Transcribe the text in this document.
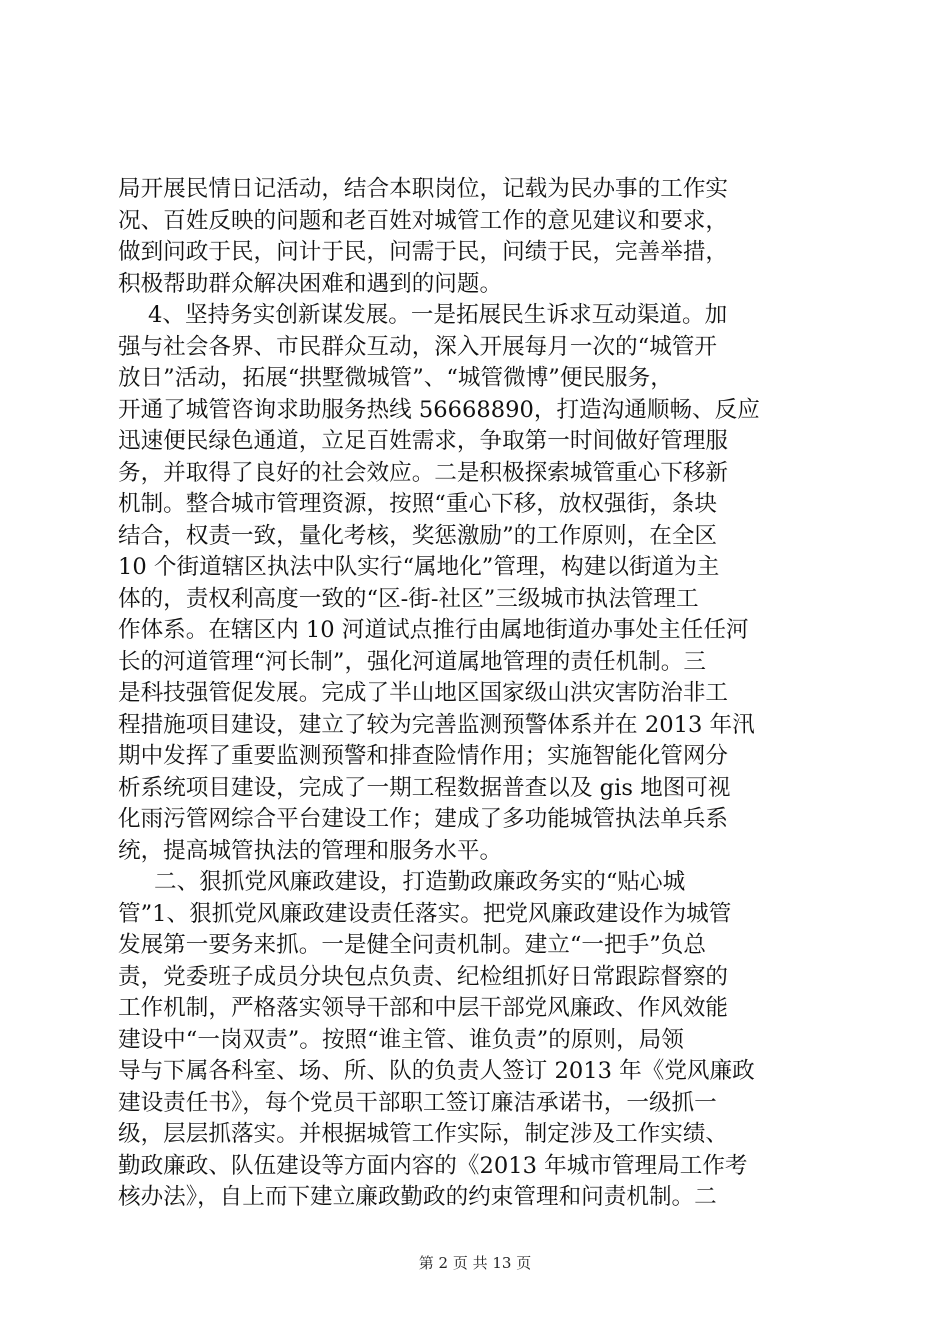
局开展民情日记活动，结合本职岗位，记载为民办事的工作实
况、百姓反映的问题和老百姓对城管工作的意见建议和要求，
做到问政于民，问计于民，问需于民，问绩于民，完善举措，
积极帮助群众解决困难和遇到的问题。
4、坚持务实创新谋发展。一是拓展民生诉求互动渠道。加
强与社会各界、市民群众互动，深入开展每月一次的“城管开
放日”活动，拓展“拱墅微城管”、“城管微博”便民服务，
开通了城管咨询求助服务热线 56668890，打造沟通顺畅、反应
迅速便民绿色通道，立足百姓需求，争取第一时间做好管理服
务，并取得了良好的社会效应。二是积极探索城管重心下移新
机制。整合城市管理资源，按照“重心下移，放权强街，条块
结合，权责一致，量化考核，奖惩激励”的工作原则，在全区
10 个街道辖区执法中队实行“属地化”管理，构建以街道为主
体的，责权利高度一致的“区-街-社区”三级城市执法管理工
作体系。在辖区内 10 河道试点推行由属地街道办事处主任任河
长的河道管理“河长制”，强化河道属地管理的责任机制。三
是科技强管促发展。完成了半山地区国家级山洪灾害防治非工
程措施项目建设，建立了较为完善监测预警体系并在 2013 年汛
期中发挥了重要监测预警和排查险情作用；实施智能化管网分
析系统项目建设，完成了一期工程数据普查以及 gis 地图可视
化雨污管网综合平台建设工作；建成了多功能城管执法单兵系
统，提高城管执法的管理和服务水平。
二、狠抓党风廉政建设，打造勤政廉政务实的“贴心城
管”1、狠抓党风廉政建设责任落实。把党风廉政建设作为城管
发展第一要务来抓。一是健全问责机制。建立“一把手”负总
责，党委班子成员分块包点负责、纪检组抓好日常跟踪督察的
工作机制，严格落实领导干部和中层干部党风廉政、作风效能
建设中“一岗双责”。按照“谁主管、谁负责”的原则，局领
导与下属各科室、场、所、队的负责人签订 2013 年《党风廉政
建设责任书》，每个党员干部职工签订廉洁承诺书，一级抓一
级，层层抓落实。并根据城管工作实际，制定涉及工作实绩、
勤政廉政、队伍建设等方面内容的《2013 年城市管理局工作考
核办法》，自上而下建立廉政勤政的约束管理和问责机制。二
第 2 页 共 13 页
